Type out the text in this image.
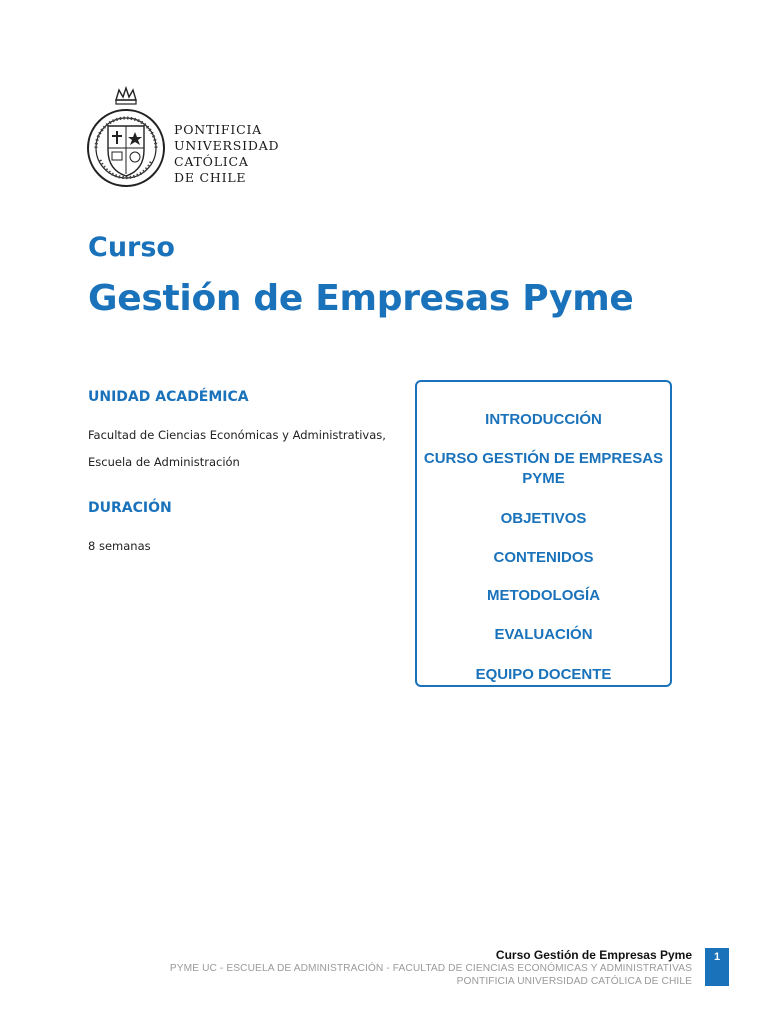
PONTIFICIA
UNIVERSIDAD
CATÓLICA
DE CHILE
Curso
Gestión de Empresas Pyme
UNIDAD ACADÉMICA
Facultad de Ciencias Económicas y Administrativas,
Escuela de Administración
DURACIÓN
8 semanas
INTRODUCCIÓN
CURSO GESTIÓN DE EMPRESAS
PYME
OBJETIVOS
CONTENIDOS
METODOLOGÍA
EVALUACIÓN
EQUIPO DOCENTE
Curso Gestión de Empresas Pyme
PYME UC - ESCUELA DE ADMINISTRACIÓN - FACULTAD DE CIENCIAS ECONÓMICAS Y ADMINISTRATIVAS
PONTIFICIA UNIVERSIDAD CATÓLICA DE CHILE
1
